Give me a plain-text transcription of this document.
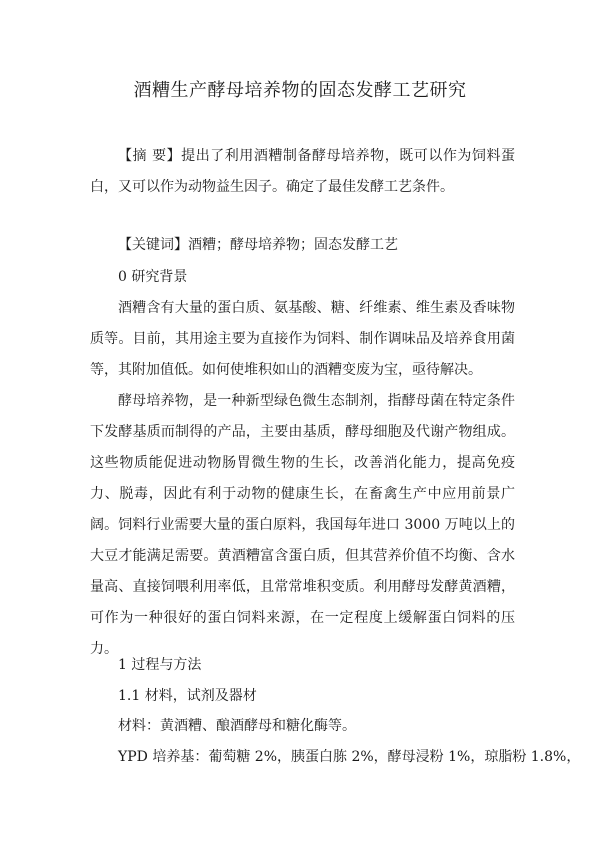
酒糟生产酵母培养物的固态发酵工艺研究

【摘 要】提出了利用酒糟制备酵母培养物，既可以作为饲料蛋白，又可以作为动物益生因子。确定了最佳发酵工艺条件。

【关键词】酒糟；酵母培养物；固态发酵工艺

0 研究背景

酒糟含有大量的蛋白质、氨基酸、糖、纤维素、维生素及香味物质等。目前，其用途主要为直接作为饲料、制作调味品及培养食用菌等，其附加值低。如何使堆积如山的酒糟变废为宝，亟待解决。

酵母培养物，是一种新型绿色微生态制剂，指酵母菌在特定条件下发酵基质而制得的产品，主要由基质，酵母细胞及代谢产物组成。这些物质能促进动物肠胃微生物的生长，改善消化能力，提高免疫力、脱毒，因此有利于动物的健康生长，在畜禽生产中应用前景广阔。饲料行业需要大量的蛋白原料，我国每年进口 3000 万吨以上的大豆才能满足需要。黄酒糟富含蛋白质，但其营养价值不均衡、含水量高、直接饲喂利用率低，且常常堆积变质。利用酵母发酵黄酒糟，可作为一种很好的蛋白饲料来源，在一定程度上缓解蛋白饲料的压力。

1 过程与方法

1.1 材料，试剂及器材

材料：黄酒糟、酿酒酵母和糖化酶等。

YPD 培养基：葡萄糖 2%，胰蛋白胨 2%，酵母浸粉 1%，琼脂粉 1.8%，
